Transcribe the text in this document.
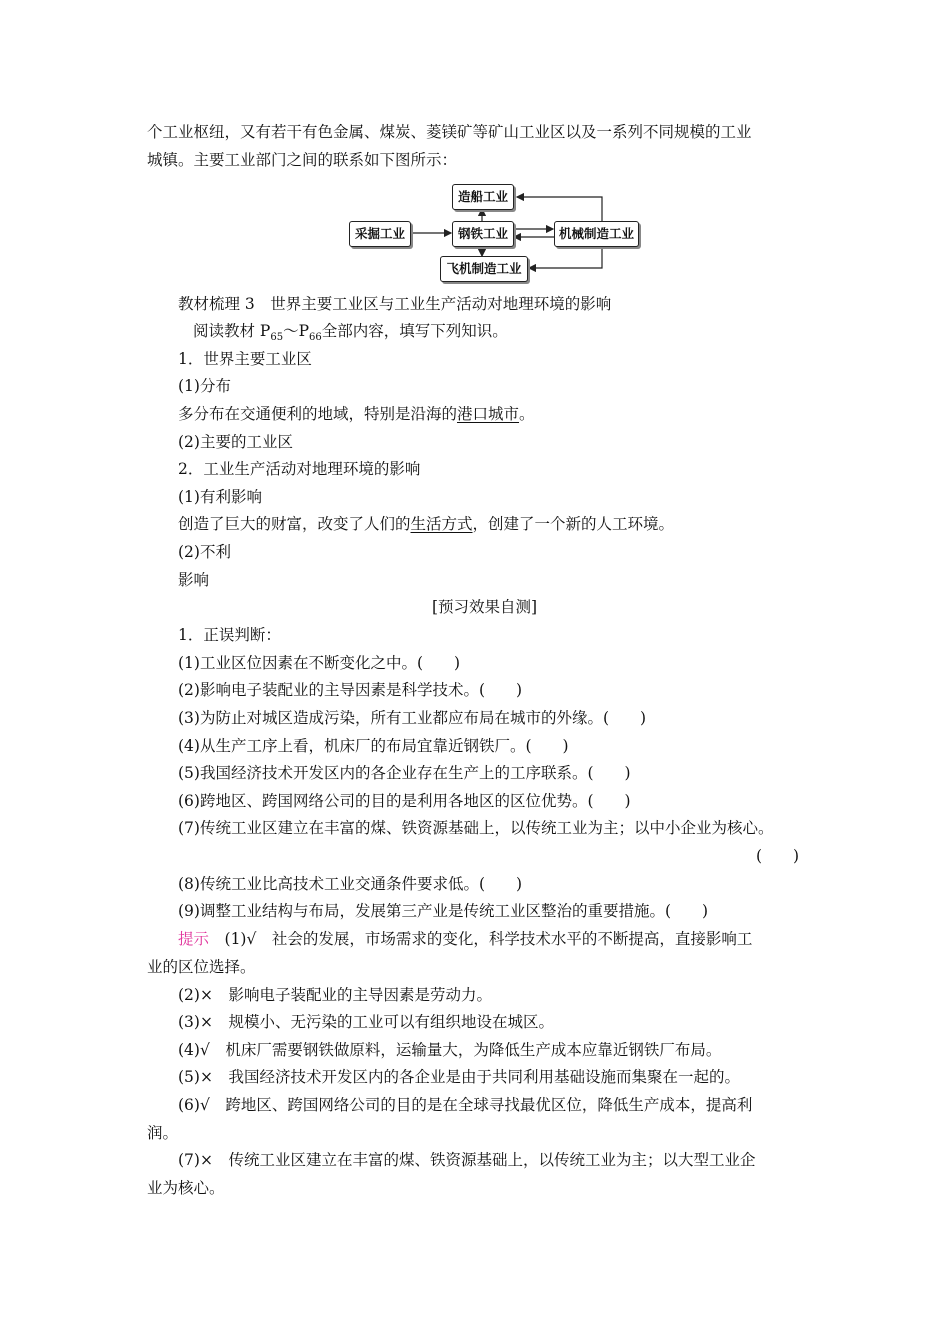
个工业枢纽，又有若干有色金属、煤炭、菱镁矿等矿山工业区以及一系列不同规模的工业
城镇。主要工业部门之间的联系如下图所示：
造船工业
采掘工业	钢铁工业	机械制造工业
飞机制造工业
教材梳理 3　世界主要工业区与工业生产活动对地理环境的影响
阅读教材 $P_{65}\sim P_{66}$全部内容，填写下列知识。
1．世界主要工业区
(1)分布
多分布在交通便利的地域，特别是沿海的港口城市。
(2)主要的工业区
2．工业生产活动对地理环境的影响
(1)有利影响
创造了巨大的财富，改变了人们的生活方式，创建了一个新的人工环境。
(2)不利
影响
[预习效果自测]
1．正误判断：
(1)工业区位因素在不断变化之中。(　　)
(2)影响电子装配业的主导因素是科学技术。(　　)
(3)为防止对城区造成污染，所有工业都应布局在城市的外缘。(　　)
(4)从生产工序上看，机床厂的布局宜靠近钢铁厂。(　　)
(5)我国经济技术开发区内的各企业存在生产上的工序联系。(　　)
(6)跨地区、跨国网络公司的目的是利用各地区的区位优势。(　　)
(7)传统工业区建立在丰富的煤、铁资源基础上，以传统工业为主；以中小企业为核心。
(　　)
(8)传统工业比高技术工业交通条件要求低。(　　)
(9)调整工业结构与布局，发展第三产业是传统工业区整治的重要措施。(　　)
提示　(1)√　社会的发展，市场需求的变化，科学技术水平的不断提高，直接影响工
业的区位选择。
(2)×　影响电子装配业的主导因素是劳动力。
(3)×　规模小、无污染的工业可以有组织地设在城区。
(4)√　机床厂需要钢铁做原料，运输量大，为降低生产成本应靠近钢铁厂布局。
(5)×　我国经济技术开发区内的各企业是由于共同利用基础设施而集聚在一起的。
(6)√　跨地区、跨国网络公司的目的是在全球寻找最优区位，降低生产成本，提高利
润。
(7)×　传统工业区建立在丰富的煤、铁资源基础上，以传统工业为主；以大型工业企
业为核心。
